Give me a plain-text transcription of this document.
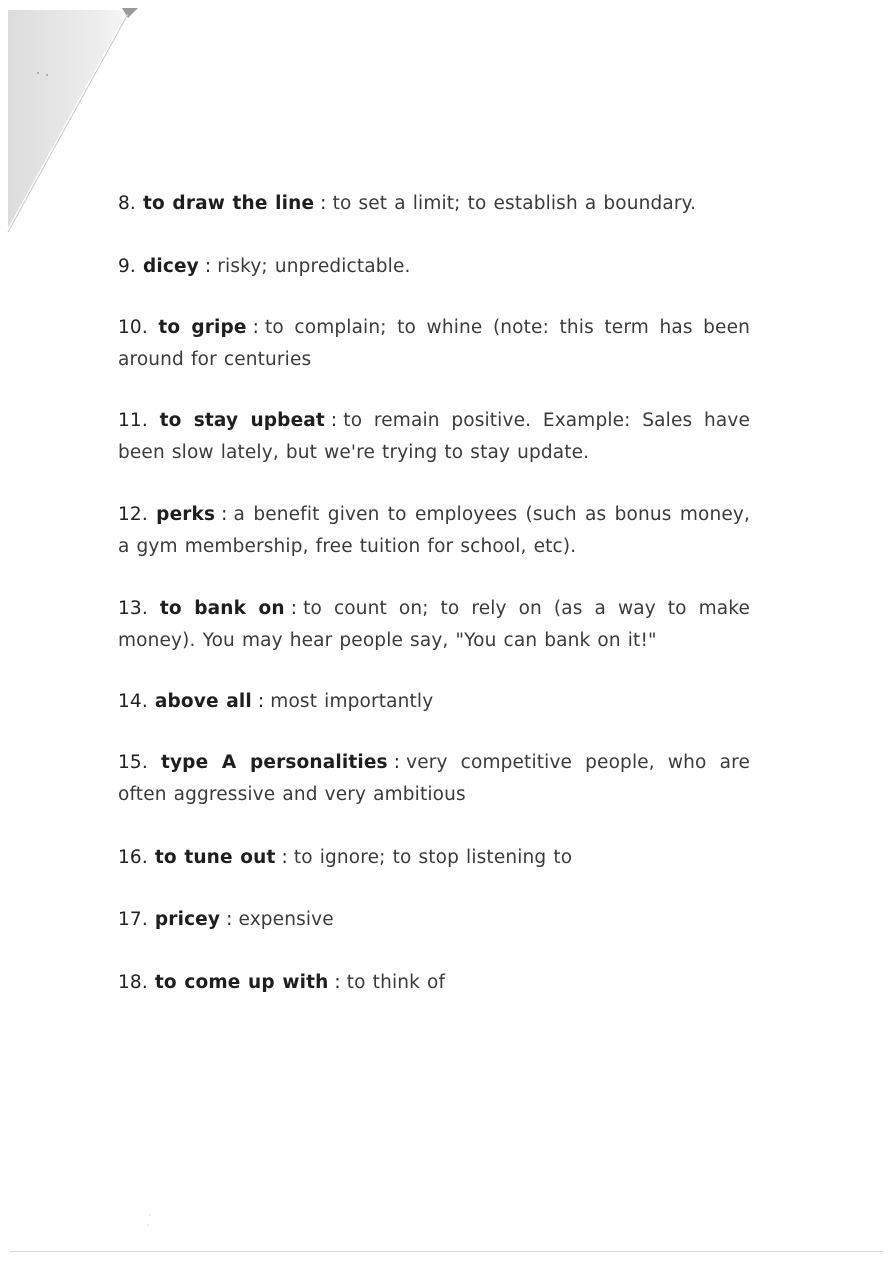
8. to draw the line : to set a limit; to establish a boundary.
9. dicey : risky; unpredictable.
10. to gripe : to complain; to whine (note: this term has been around for centuries
11. to stay upbeat : to remain positive. Example: Sales have been slow lately, but we're trying to stay update.
12. perks : a benefit given to employees (such as bonus money, a gym membership, free tuition for school, etc).
13. to bank on : to count on; to rely on (as a way to make money). You may hear people say, "You can bank on it!"
14. above all : most importantly
15. type A personalities : very competitive people, who are often aggressive and very ambitious
16. to tune out : to ignore; to stop listening to
17. pricey : expensive
18. to come up with : to think of
